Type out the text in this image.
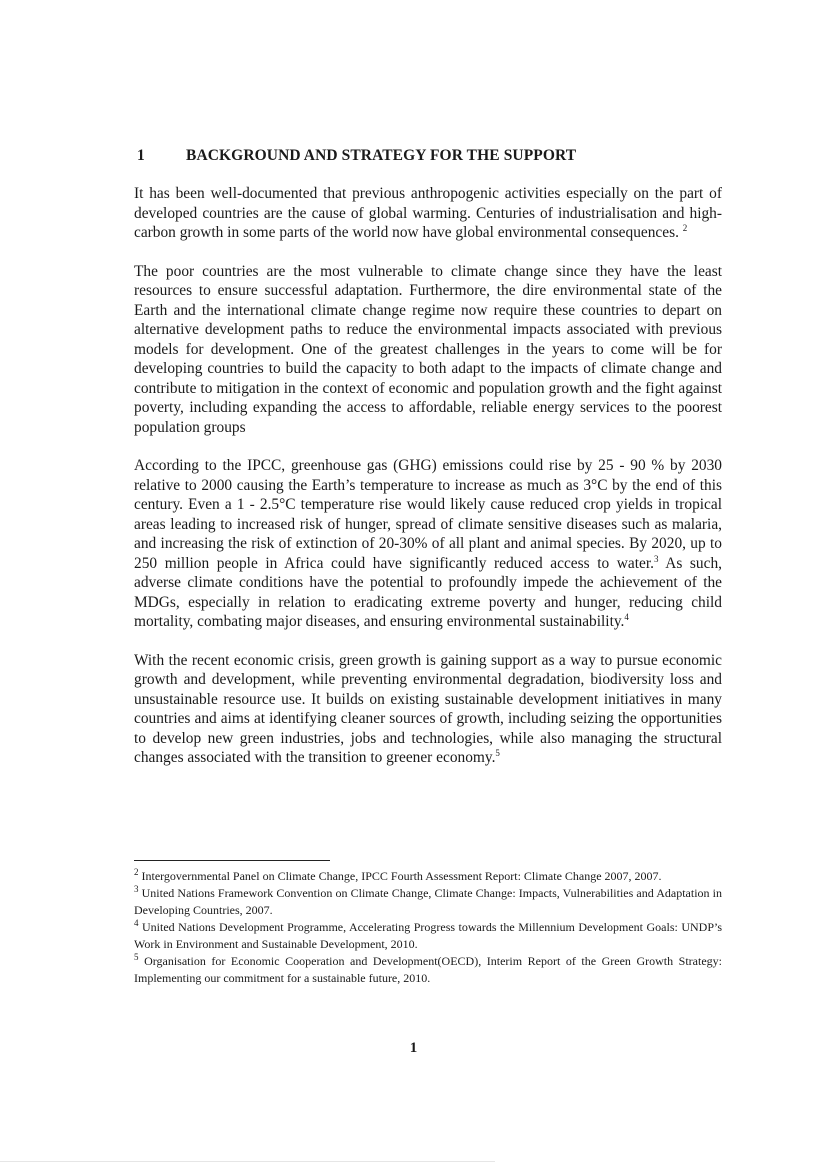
1	BACKGROUND AND STRATEGY FOR THE SUPPORT

It has been well-documented that previous anthropogenic activities especially on the part of developed countries are the cause of global warming. Centuries of industrialisation and high-carbon growth in some parts of the world now have global environmental consequences. $^2$

The poor countries are the most vulnerable to climate change since they have the least resources to ensure successful adaptation. Furthermore, the dire environmental state of the Earth and the international climate change regime now require these countries to depart on alternative development paths to reduce the environmental impacts associated with previous models for development. One of the greatest challenges in the years to come will be for developing countries to build the capacity to both adapt to the impacts of climate change and contribute to mitigation in the context of economic and population growth and the fight against poverty, including expanding the access to affordable, reliable energy services to the poorest population groups

According to the IPCC, greenhouse gas (GHG) emissions could rise by 25 - 90 % by 2030 relative to 2000 causing the Earth’s temperature to increase as much as 3°C by the end of this century. Even a 1 - 2.5°C temperature rise would likely cause reduced crop yields in tropical areas leading to increased risk of hunger, spread of climate sensitive diseases such as malaria, and increasing the risk of extinction of 20-30% of all plant and animal species. By 2020, up to 250 million people in Africa could have significantly reduced access to water.$^3$ As such, adverse climate conditions have the potential to profoundly impede the achievement of the MDGs, especially in relation to eradicating extreme poverty and hunger, reducing child mortality, combating major diseases, and ensuring environmental sustainability.$^4$

With the recent economic crisis, green growth is gaining support as a way to pursue economic growth and development, while preventing environmental degradation, biodiversity loss and unsustainable resource use. It builds on existing sustainable development initiatives in many countries and aims at identifying cleaner sources of growth, including seizing the opportunities to develop new green industries, jobs and technologies, while also managing the structural changes associated with the transition to greener economy.$^5$

$^2$ Intergovernmental Panel on Climate Change, IPCC Fourth Assessment Report: Climate Change 2007, 2007.

$^3$ United Nations Framework Convention on Climate Change, Climate Change: Impacts, Vulnerabilities and Adaptation in Developing Countries, 2007.

$^4$ United Nations Development Programme, Accelerating Progress towards the Millennium Development Goals: UNDP’s Work in Environment and Sustainable Development, 2010.

$^5$ Organisation for Economic Cooperation and Development(OECD), Interim Report of the Green Growth Strategy: Implementing our commitment for a sustainable future, 2010.

1
